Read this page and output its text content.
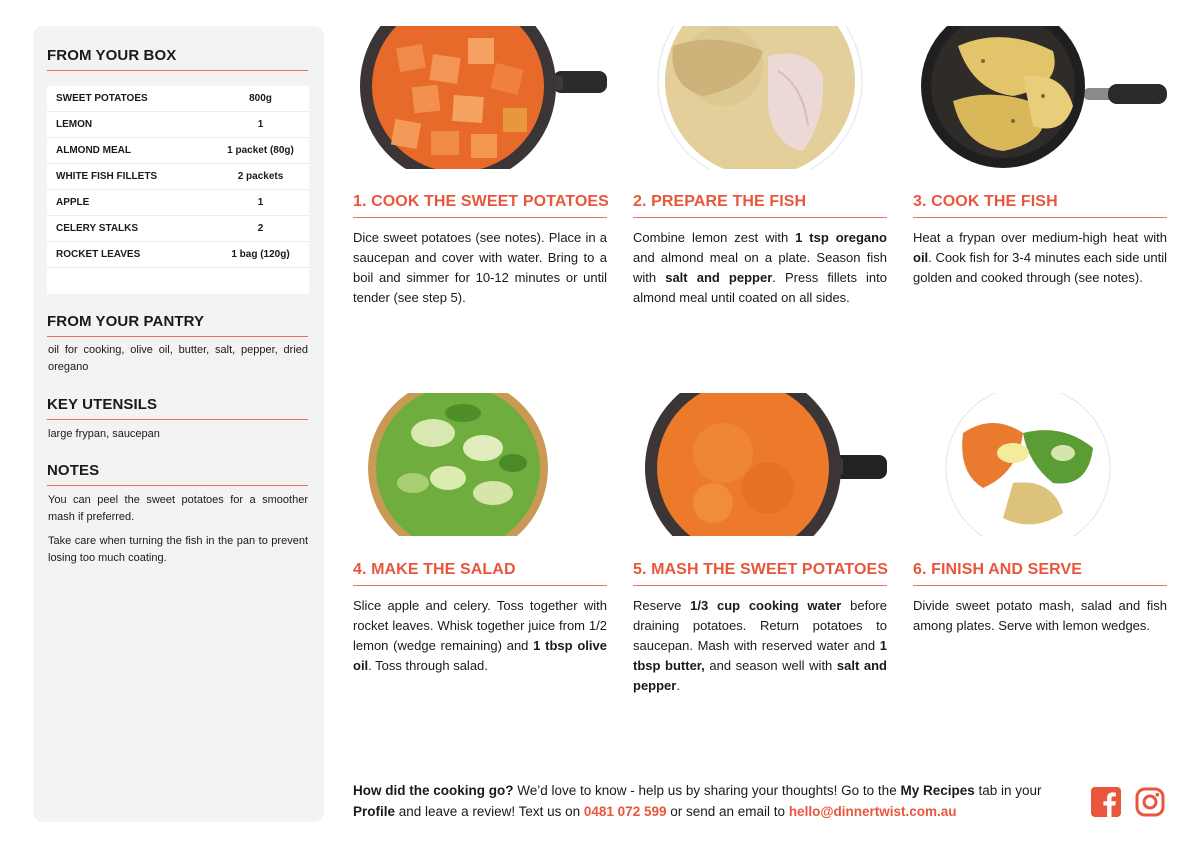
FROM YOUR BOX
SWEET POTATOES	800g
LEMON	1
ALMOND MEAL	1 packet (80g)
WHITE FISH FILLETS	2 packets
APPLE	1
CELERY STALKS	2
ROCKET LEAVES	1 bag (120g)
FROM YOUR PANTRY
oil for cooking, olive oil, butter, salt, pepper, dried oregano
KEY UTENSILS
large frypan, saucepan
NOTES
You can peel the sweet potatoes for a smoother mash if preferred.
Take care when turning the fish in the pan to prevent losing too much coating.
1. COOK THE SWEET POTATOES
Dice sweet potatoes (see notes). Place in a saucepan and cover with water. Bring to a boil and simmer for 10-12 minutes or until tender (see step 5).
2. PREPARE THE FISH
Combine lemon zest with 1 tsp oregano and almond meal on a plate. Season fish with salt and pepper. Press fillets into almond meal until coated on all sides.
3. COOK THE FISH
Heat a frypan over medium-high heat with oil. Cook fish for 3-4 minutes each side until golden and cooked through (see notes).
4. MAKE THE SALAD
Slice apple and celery. Toss together with rocket leaves. Whisk together juice from 1/2 lemon (wedge remaining) and 1 tbsp olive oil. Toss through salad.
5. MASH THE SWEET POTATOES
Reserve 1/3 cup cooking water before draining potatoes. Return potatoes to saucepan. Mash with reserved water and 1 tbsp butter, and season well with salt and pepper.
6. FINISH AND SERVE
Divide sweet potato mash, salad and fish among plates. Serve with lemon wedges.
How did the cooking go? We’d love to know - help us by sharing your thoughts! Go to the My Recipes tab in your Profile and leave a review! Text us on 0481 072 599 or send an email to hello@dinnertwist.com.au
